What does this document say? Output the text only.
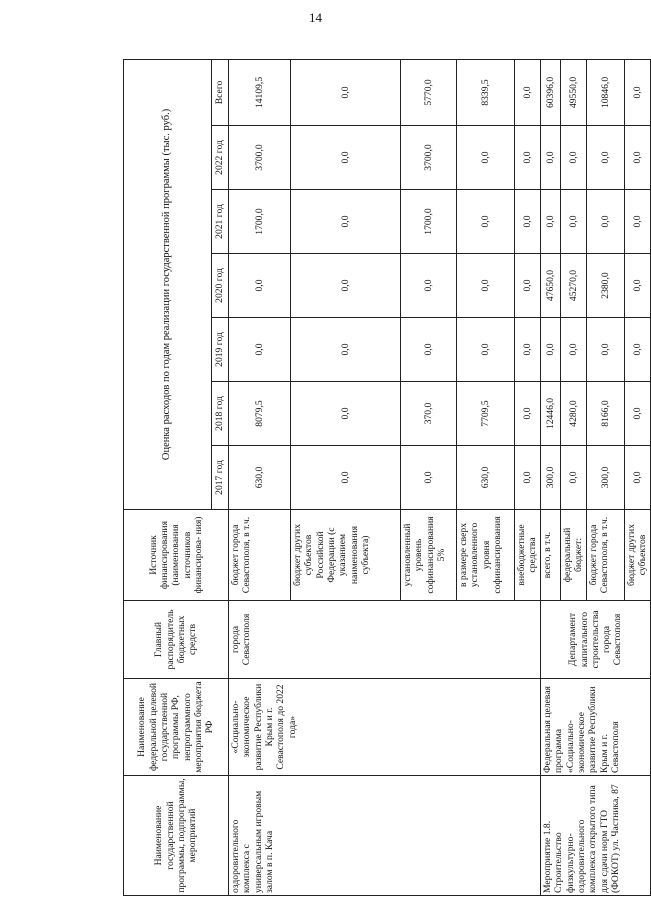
14
Наименование государственной программы, подпрограммы, мероприятий	Наименование федеральной целевой государственной программы РФ, непрограммного мероприятия бюджета РФ	Главный распорядитель бюджетных средств	Источник финансирования (наименования источников финансирова- ния)	Оценка расходов по годам реализации государственной программы (тыс. руб.)						
				2017 год	2018 год	2019 год	2020 год	2021 год	2022 год	Всего
оздоровительного комплекса с универсальным игровым залом в п. Кача	«Социально- экономическое развитие Республики Крым и г. Севастополя до 2022 года»	города Севастополя	бюджет города Севастополя, в т.ч.	630,0	8079,5	0,0	0,0	1700,0	3700,0	14109,5
			бюджет других субъектов Российской Федерации (с указанием наименования субъекта)	0,0	0,0	0,0	0,0	0,0	0,0	0,0
			установленный уровень софинансирования 5%	0,0	370,0	0,0	0,0	1700,0	3700,0	5770,0
			в размере сверх установленного уровня софинансирования	630,0	7709,5	0,0	0,0	0,0	0,0	8339,5
			внебюджетные средства	0,0	0,0	0,0	0,0	0,0	0,0	0,0
Мероприятие 1.8. Строительство физкультурно- оздоровительного комплекса открытого типа для сдачи норм ГТО (ФОКОТ) ул. Частника, 87	Федеральная целевая программа «Социально- экономическое развитие Республики Крым и г. Севастополя	Департамент капитального строительства города Севастополя	всего, в т.ч.	300,0	12446,0	0,0	47650,0	0,0	0,0	60396,0
			федеральный бюджет:	0,0	4280,0	0,0	45270,0	0,0	0,0	49550,0
			бюджет города Севастополя, в т.ч.	300,0	8166,0	0,0	2380,0	0,0	0,0	10846,0
			бюджет других субъектов	0,0	0,0	0,0	0,0	0,0	0,0	0,0
